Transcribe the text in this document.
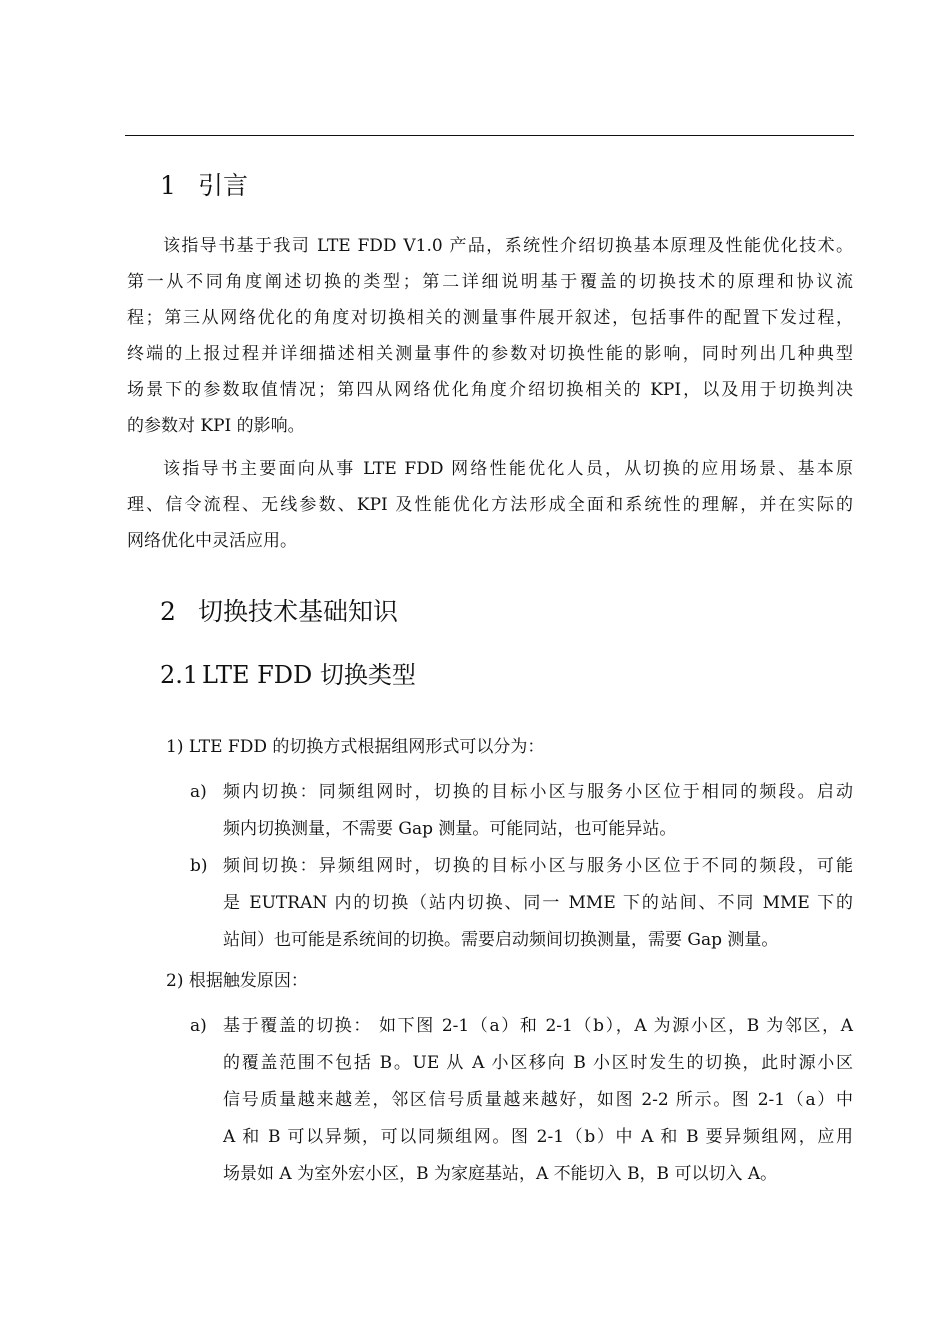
1 引言
该指导书基于我司 LTE FDD V1.0 产品，系统性介绍切换基本原理及性能优化技术。
第一从不同角度阐述切换的类型；第二详细说明基于覆盖的切换技术的原理和协议流
程；第三从网络优化的角度对切换相关的测量事件展开叙述，包括事件的配置下发过程，
终端的上报过程并详细描述相关测量事件的参数对切换性能的影响，同时列出几种典型
场景下的参数取值情况；第四从网络优化角度介绍切换相关的 KPI，以及用于切换判决
的参数对 KPI 的影响。
该指导书主要面向从事 LTE FDD 网络性能优化人员，从切换的应用场景、基本原
理、信令流程、无线参数、KPI 及性能优化方法形成全面和系统性的理解，并在实际的
网络优化中灵活应用。
2 切换技术基础知识
2.1 LTE FDD 切换类型
1) LTE FDD 的切换方式根据组网形式可以分为：
a) 频内切换：同频组网时，切换的目标小区与服务小区位于相同的频段。启动
频内切换测量，不需要 Gap 测量。可能同站，也可能异站。
b) 频间切换：异频组网时，切换的目标小区与服务小区位于不同的频段，可能
是 EUTRAN 内的切换（站内切换、同一 MME 下的站间、不同 MME 下的
站间）也可能是系统间的切换。需要启动频间切换测量，需要 Gap 测量。
2) 根据触发原因：
a) 基于覆盖的切换： 如下图 2-1（a）和 2-1（b），A 为源小区，B 为邻区，A
的覆盖范围不包括 B。UE 从 A 小区移向 B 小区时发生的切换，此时源小区
信号质量越来越差，邻区信号质量越来越好，如图 2-2 所示。图 2-1（a）中
A 和 B 可以异频，可以同频组网。图 2-1（b）中 A 和 B 要异频组网，应用
场景如 A 为室外宏小区，B 为家庭基站，A 不能切入 B，B 可以切入 A。
